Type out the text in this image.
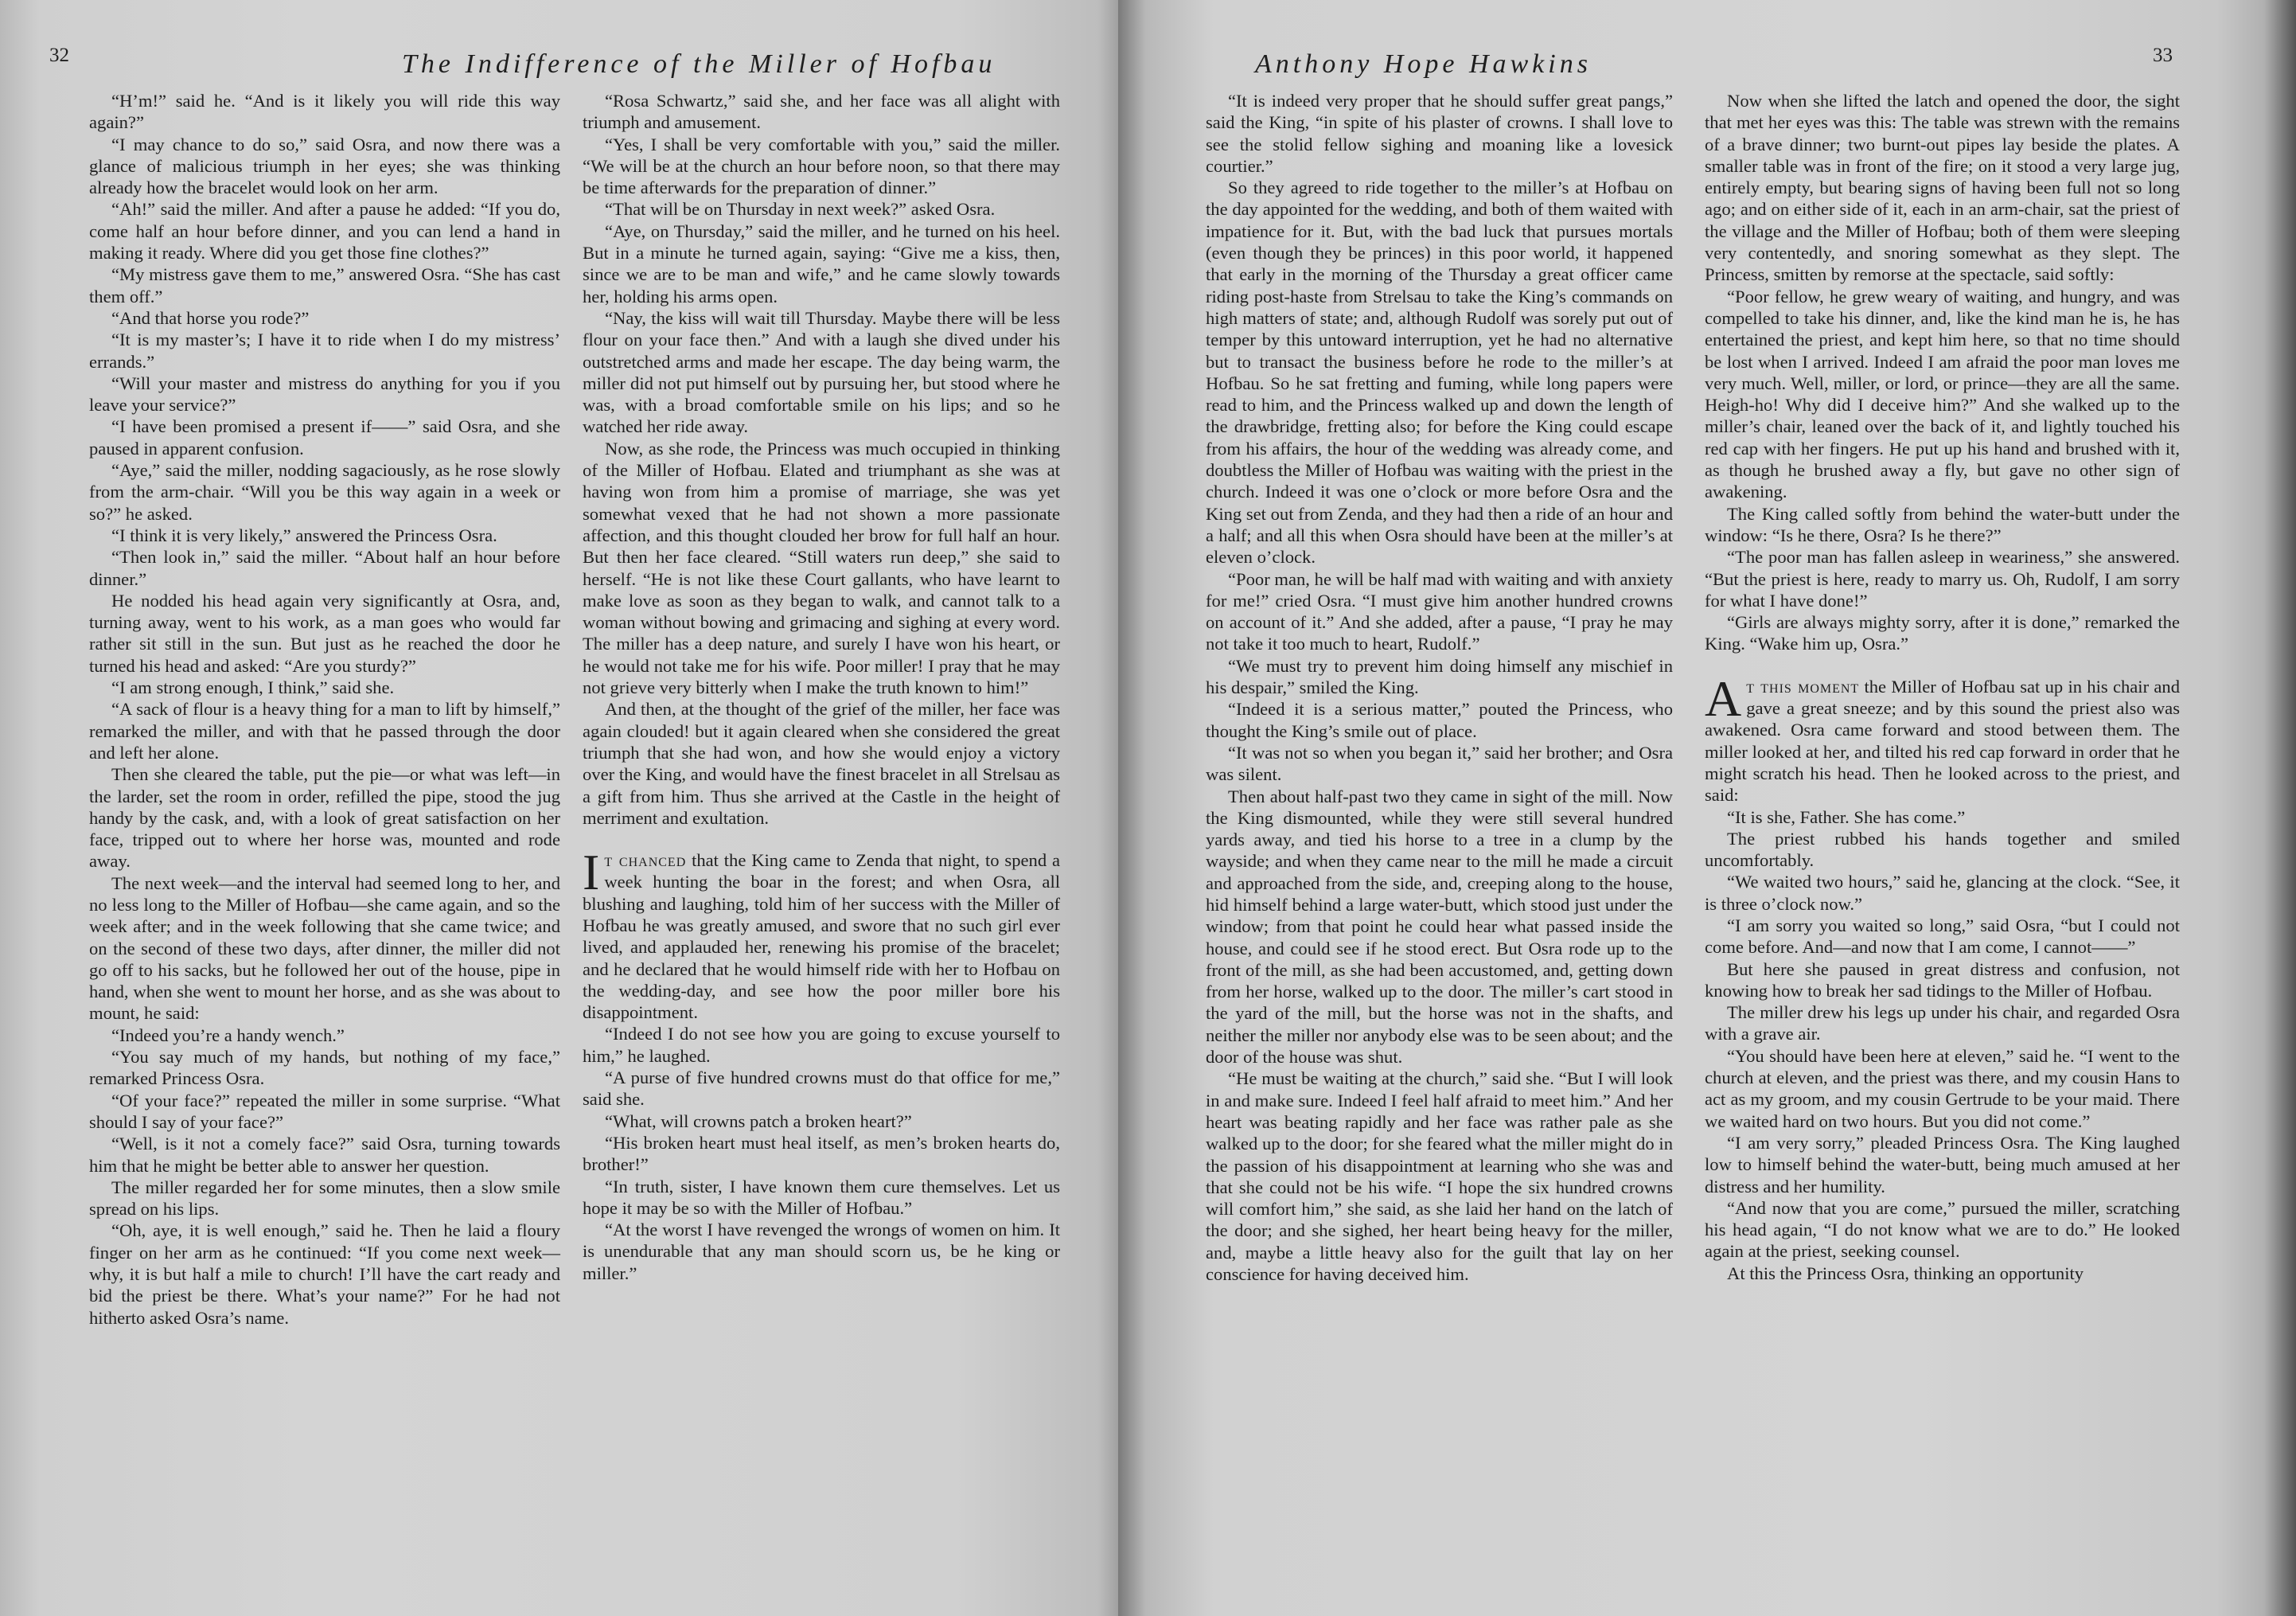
32	The Indifference of the Miller of Hofbau

“H’m!” said he. “And is it likely you will ride this way again?”

“I may chance to do so,” said Osra, and now there was a glance of malicious triumph in her eyes; she was thinking already how the bracelet would look on her arm.

“Ah!” said the miller. And after a pause he added: “If you do, come half an hour before dinner, and you can lend a hand in making it ready. Where did you get those fine clothes?”

“My mistress gave them to me,” answered Osra. “She has cast them off.”

“And that horse you rode?”

“It is my master’s; I have it to ride when I do my mistress’ errands.”

“Will your master and mistress do anything for you if you leave your service?”

“I have been promised a present if——” said Osra, and she paused in apparent confusion.

“Aye,” said the miller, nodding sagaciously, as he rose slowly from the arm-chair. “Will you be this way again in a week or so?” he asked.

“I think it is very likely,” answered the Princess Osra.

“Then look in,” said the miller. “About half an hour before dinner.”

He nodded his head again very significantly at Osra, and, turning away, went to his work, as a man goes who would far rather sit still in the sun. But just as he reached the door he turned his head and asked: “Are you sturdy?”

“I am strong enough, I think,” said she.

“A sack of flour is a heavy thing for a man to lift by himself,” remarked the miller, and with that he passed through the door and left her alone.

Then she cleared the table, put the pie—or what was left—in the larder, set the room in order, refilled the pipe, stood the jug handy by the cask, and, with a look of great satisfaction on her face, tripped out to where her horse was, mounted and rode away.

The next week—and the interval had seemed long to her, and no less long to the Miller of Hofbau—she came again, and so the week after; and in the week following that she came twice; and on the second of these two days, after dinner, the miller did not go off to his sacks, but he followed her out of the house, pipe in hand, when she went to mount her horse, and as she was about to mount, he said:

“Indeed you’re a handy wench.”

“You say much of my hands, but nothing of my face,” remarked Princess Osra.

“Of your face?” repeated the miller in some surprise. “What should I say of your face?”

“Well, is it not a comely face?” said Osra, turning towards him that he might be better able to answer her question.

The miller regarded her for some minutes, then a slow smile spread on his lips.

“Oh, aye, it is well enough,” said he. Then he laid a floury finger on her arm as he continued: “If you come next week—why, it is but half a mile to church! I’ll have the cart ready and bid the priest be there. What’s your name?” For he had not hitherto asked Osra’s name.

“Rosa Schwartz,” said she, and her face was all alight with triumph and amusement.

“Yes, I shall be very comfortable with you,” said the miller. “We will be at the church an hour before noon, so that there may be time afterwards for the preparation of dinner.”

“That will be on Thursday in next week?” asked Osra.

“Aye, on Thursday,” said the miller, and he turned on his heel. But in a minute he turned again, saying: “Give me a kiss, then, since we are to be man and wife,” and he came slowly towards her, holding his arms open.

“Nay, the kiss will wait till Thursday. Maybe there will be less flour on your face then.” And with a laugh she dived under his outstretched arms and made her escape. The day being warm, the miller did not put himself out by pursuing her, but stood where he was, with a broad comfortable smile on his lips; and so he watched her ride away.

Now, as she rode, the Princess was much occupied in thinking of the Miller of Hofbau. Elated and triumphant as she was at having won from him a promise of marriage, she was yet somewhat vexed that he had not shown a more passionate affection, and this thought clouded her brow for full half an hour. But then her face cleared. “Still waters run deep,” she said to herself. “He is not like these Court gallants, who have learnt to make love as soon as they began to walk, and cannot talk to a woman without bowing and grimacing and sighing at every word. The miller has a deep nature, and surely I have won his heart, or he would not take me for his wife. Poor miller! I pray that he may not grieve very bitterly when I make the truth known to him!”

And then, at the thought of the grief of the miller, her face was again clouded! but it again cleared when she considered the great triumph that she had won, and how she would enjoy a victory over the King, and would have the finest bracelet in all Strelsau as a gift from him. Thus she arrived at the Castle in the height of merriment and exultation.

It chanced that the King came to Zenda that night, to spend a week hunting the boar in the forest; and when Osra, all blushing and laughing, told him of her success with the Miller of Hofbau he was greatly amused, and swore that no such girl ever lived, and applauded her, renewing his promise of the bracelet; and he declared that he would himself ride with her to Hofbau on the wedding-day, and see how the poor miller bore his disappointment.

“Indeed I do not see how you are going to excuse yourself to him,” he laughed.

“A purse of five hundred crowns must do that office for me,” said she.

“What, will crowns patch a broken heart?”

“His broken heart must heal itself, as men’s broken hearts do, brother!”

“In truth, sister, I have known them cure themselves. Let us hope it may be so with the Miller of Hofbau.”

“At the worst I have revenged the wrongs of women on him. It is unendurable that any man should scorn us, be he king or miller.”

Anthony Hope Hawkins	33

“It is indeed very proper that he should suffer great pangs,” said the King, “in spite of his plaster of crowns. I shall love to see the stolid fellow sighing and moaning like a lovesick courtier.”

So they agreed to ride together to the miller’s at Hofbau on the day appointed for the wedding, and both of them waited with impatience for it. But, with the bad luck that pursues mortals (even though they be princes) in this poor world, it happened that early in the morning of the Thursday a great officer came riding post-haste from Strelsau to take the King’s commands on high matters of state; and, although Rudolf was sorely put out of temper by this untoward interruption, yet he had no alternative but to transact the business before he rode to the miller’s at Hofbau. So he sat fretting and fuming, while long papers were read to him, and the Princess walked up and down the length of the drawbridge, fretting also; for before the King could escape from his affairs, the hour of the wedding was already come, and doubtless the Miller of Hofbau was waiting with the priest in the church. Indeed it was one o’clock or more before Osra and the King set out from Zenda, and they had then a ride of an hour and a half; and all this when Osra should have been at the miller’s at eleven o’clock.

“Poor man, he will be half mad with waiting and with anxiety for me!” cried Osra. “I must give him another hundred crowns on account of it.” And she added, after a pause, “I pray he may not take it too much to heart, Rudolf.”

“We must try to prevent him doing himself any mischief in his despair,” smiled the King.

“Indeed it is a serious matter,” pouted the Princess, who thought the King’s smile out of place.

“It was not so when you began it,” said her brother; and Osra was silent.

Then about half-past two they came in sight of the mill. Now the King dismounted, while they were still several hundred yards away, and tied his horse to a tree in a clump by the wayside; and when they came near to the mill he made a circuit and approached from the side, and, creeping along to the house, hid himself behind a large water-butt, which stood just under the window; from that point he could hear what passed inside the house, and could see if he stood erect. But Osra rode up to the front of the mill, as she had been accustomed, and, getting down from her horse, walked up to the door. The miller’s cart stood in the yard of the mill, but the horse was not in the shafts, and neither the miller nor anybody else was to be seen about; and the door of the house was shut.

“He must be waiting at the church,” said she. “But I will look in and make sure. Indeed I feel half afraid to meet him.” And her heart was beating rapidly and her face was rather pale as she walked up to the door; for she feared what the miller might do in the passion of his disappointment at learning who she was and that she could not be his wife. “I hope the six hundred crowns will comfort him,” she said, as she laid her hand on the latch of the door; and she sighed, her heart being heavy for the miller, and, maybe a little heavy also for the guilt that lay on her conscience for having deceived him.

Now when she lifted the latch and opened the door, the sight that met her eyes was this: The table was strewn with the remains of a brave dinner; two burnt-out pipes lay beside the plates. A smaller table was in front of the fire; on it stood a very large jug, entirely empty, but bearing signs of having been full not so long ago; and on either side of it, each in an arm-chair, sat the priest of the village and the Miller of Hofbau; both of them were sleeping very contentedly, and snoring somewhat as they slept. The Princess, smitten by remorse at the spectacle, said softly:

“Poor fellow, he grew weary of waiting, and hungry, and was compelled to take his dinner, and, like the kind man he is, he has entertained the priest, and kept him here, so that no time should be lost when I arrived. Indeed I am afraid the poor man loves me very much. Well, miller, or lord, or prince—they are all the same. Heigh-ho! Why did I deceive him?” And she walked up to the miller’s chair, leaned over the back of it, and lightly touched his red cap with her fingers. He put up his hand and brushed with it, as though he brushed away a fly, but gave no other sign of awakening.

The King called softly from behind the water-butt under the window: “Is he there, Osra? Is he there?”

“The poor man has fallen asleep in weariness,” she answered. “But the priest is here, ready to marry us. Oh, Rudolf, I am sorry for what I have done!”

“Girls are always mighty sorry, after it is done,” remarked the King. “Wake him up, Osra.”

At this moment the Miller of Hofbau sat up in his chair and gave a great sneeze; and by this sound the priest also was awakened. Osra came forward and stood between them. The miller looked at her, and tilted his red cap forward in order that he might scratch his head. Then he looked across to the priest, and said:

“It is she, Father. She has come.”

The priest rubbed his hands together and smiled uncomfortably.

“We waited two hours,” said he, glancing at the clock. “See, it is three o’clock now.”

“I am sorry you waited so long,” said Osra, “but I could not come before. And—and now that I am come, I cannot——”

But here she paused in great distress and confusion, not knowing how to break her sad tidings to the Miller of Hofbau.

The miller drew his legs up under his chair, and regarded Osra with a grave air.

“You should have been here at eleven,” said he. “I went to the church at eleven, and the priest was there, and my cousin Hans to act as my groom, and my cousin Gertrude to be your maid. There we waited hard on two hours. But you did not come.”

“I am very sorry,” pleaded Princess Osra. The King laughed low to himself behind the water-butt, being much amused at her distress and her humility.

“And now that you are come,” pursued the miller, scratching his head again, “I do not know what we are to do.” He looked again at the priest, seeking counsel.

At this the Princess Osra, thinking an opportunity
